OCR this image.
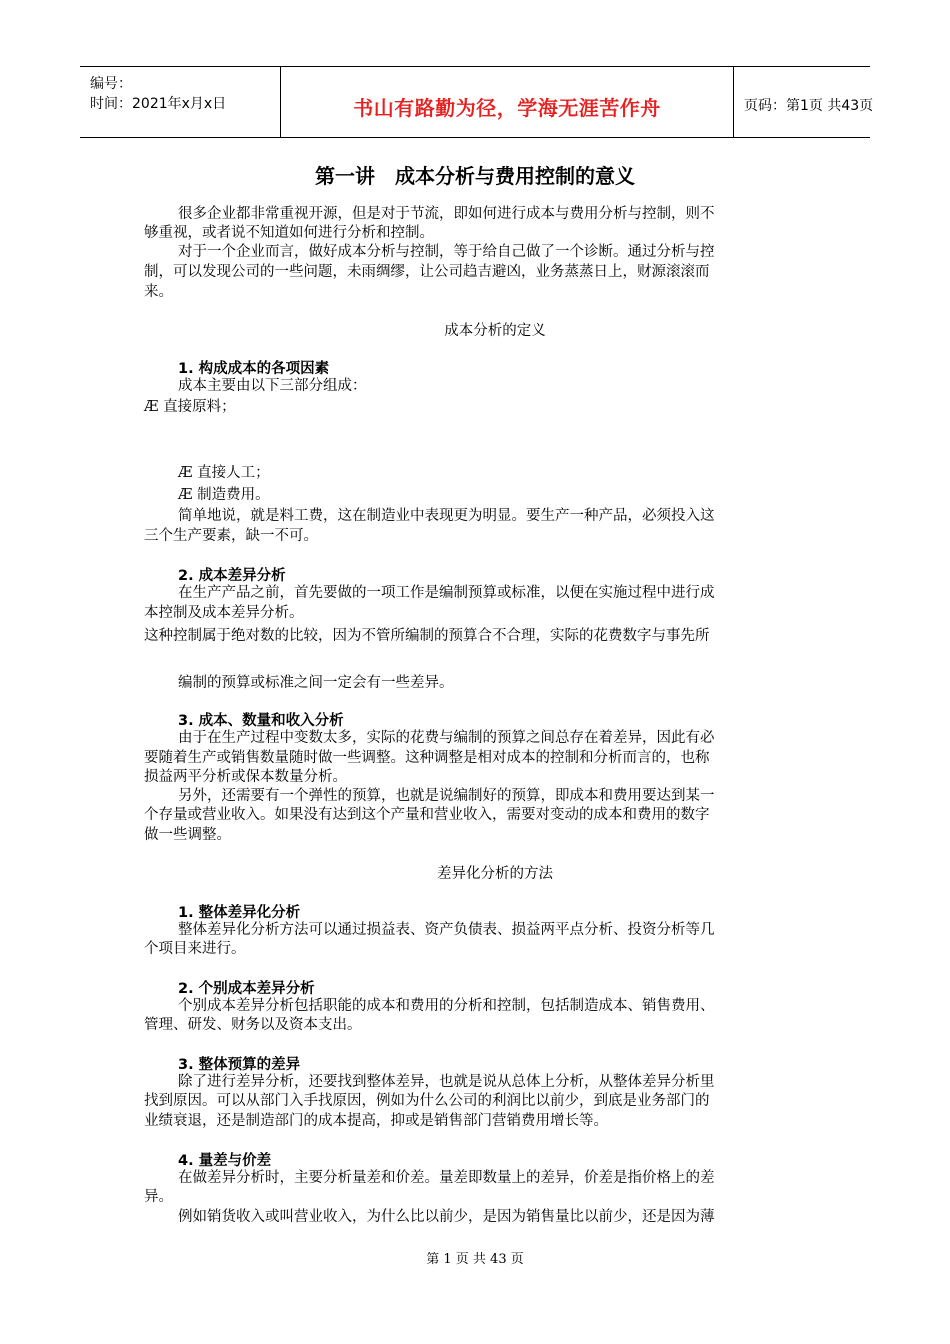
编号：
时间：2021年x月x日	书山有路勤为径，学海无涯苦作舟	页码：第1页 共43页
第一讲　成本分析与费用控制的意义
很多企业都非常重视开源，但是对于节流，即如何进行成本与费用分析与控制，则不
够重视，或者说不知道如何进行分析和控制。
对于一个企业而言，做好成本分析与控制，等于给自己做了一个诊断。通过分析与控
制，可以发现公司的一些问题，未雨绸缪，让公司趋吉避凶，业务蒸蒸日上，财源滚滚而
来。
成本分析的定义
1. 构成成本的各项因素
成本主要由以下三部分组成：
Æ 直接原料；
Æ 直接人工；
Æ 制造费用。
简单地说，就是料工费，这在制造业中表现更为明显。要生产一种产品，必须投入这
三个生产要素，缺一不可。
2. 成本差异分析
在生产产品之前，首先要做的一项工作是编制预算或标准，以便在实施过程中进行成
本控制及成本差异分析。
这种控制属于绝对数的比较，因为不管所编制的预算合不合理，实际的花费数字与事先所
编制的预算或标准之间一定会有一些差异。
3. 成本、数量和收入分析
由于在生产过程中变数太多，实际的花费与编制的预算之间总存在着差异，因此有必
要随着生产或销售数量随时做一些调整。这种调整是相对成本的控制和分析而言的，也称
损益两平分析或保本数量分析。
另外，还需要有一个弹性的预算，也就是说编制好的预算，即成本和费用要达到某一
个存量或营业收入。如果没有达到这个产量和营业收入，需要对变动的成本和费用的数字
做一些调整。
差异化分析的方法
1. 整体差异化分析
整体差异化分析方法可以通过损益表、资产负债表、损益两平点分析、投资分析等几
个项目来进行。
2. 个别成本差异分析
个别成本差异分析包括职能的成本和费用的分析和控制，包括制造成本、销售费用、
管理、研发、财务以及资本支出。
3. 整体预算的差异
除了进行差异分析，还要找到整体差异，也就是说从总体上分析，从整体差异分析里
找到原因。可以从部门入手找原因，例如为什么公司的利润比以前少，到底是业务部门的
业绩衰退，还是制造部门的成本提高，抑或是销售部门营销费用增长等。
4. 量差与价差
在做差异分析时，主要分析量差和价差。量差即数量上的差异，价差是指价格上的差
异。
例如销货收入或叫营业收入，为什么比以前少，是因为销售量比以前少，还是因为薄
第 1 页 共 43 页
